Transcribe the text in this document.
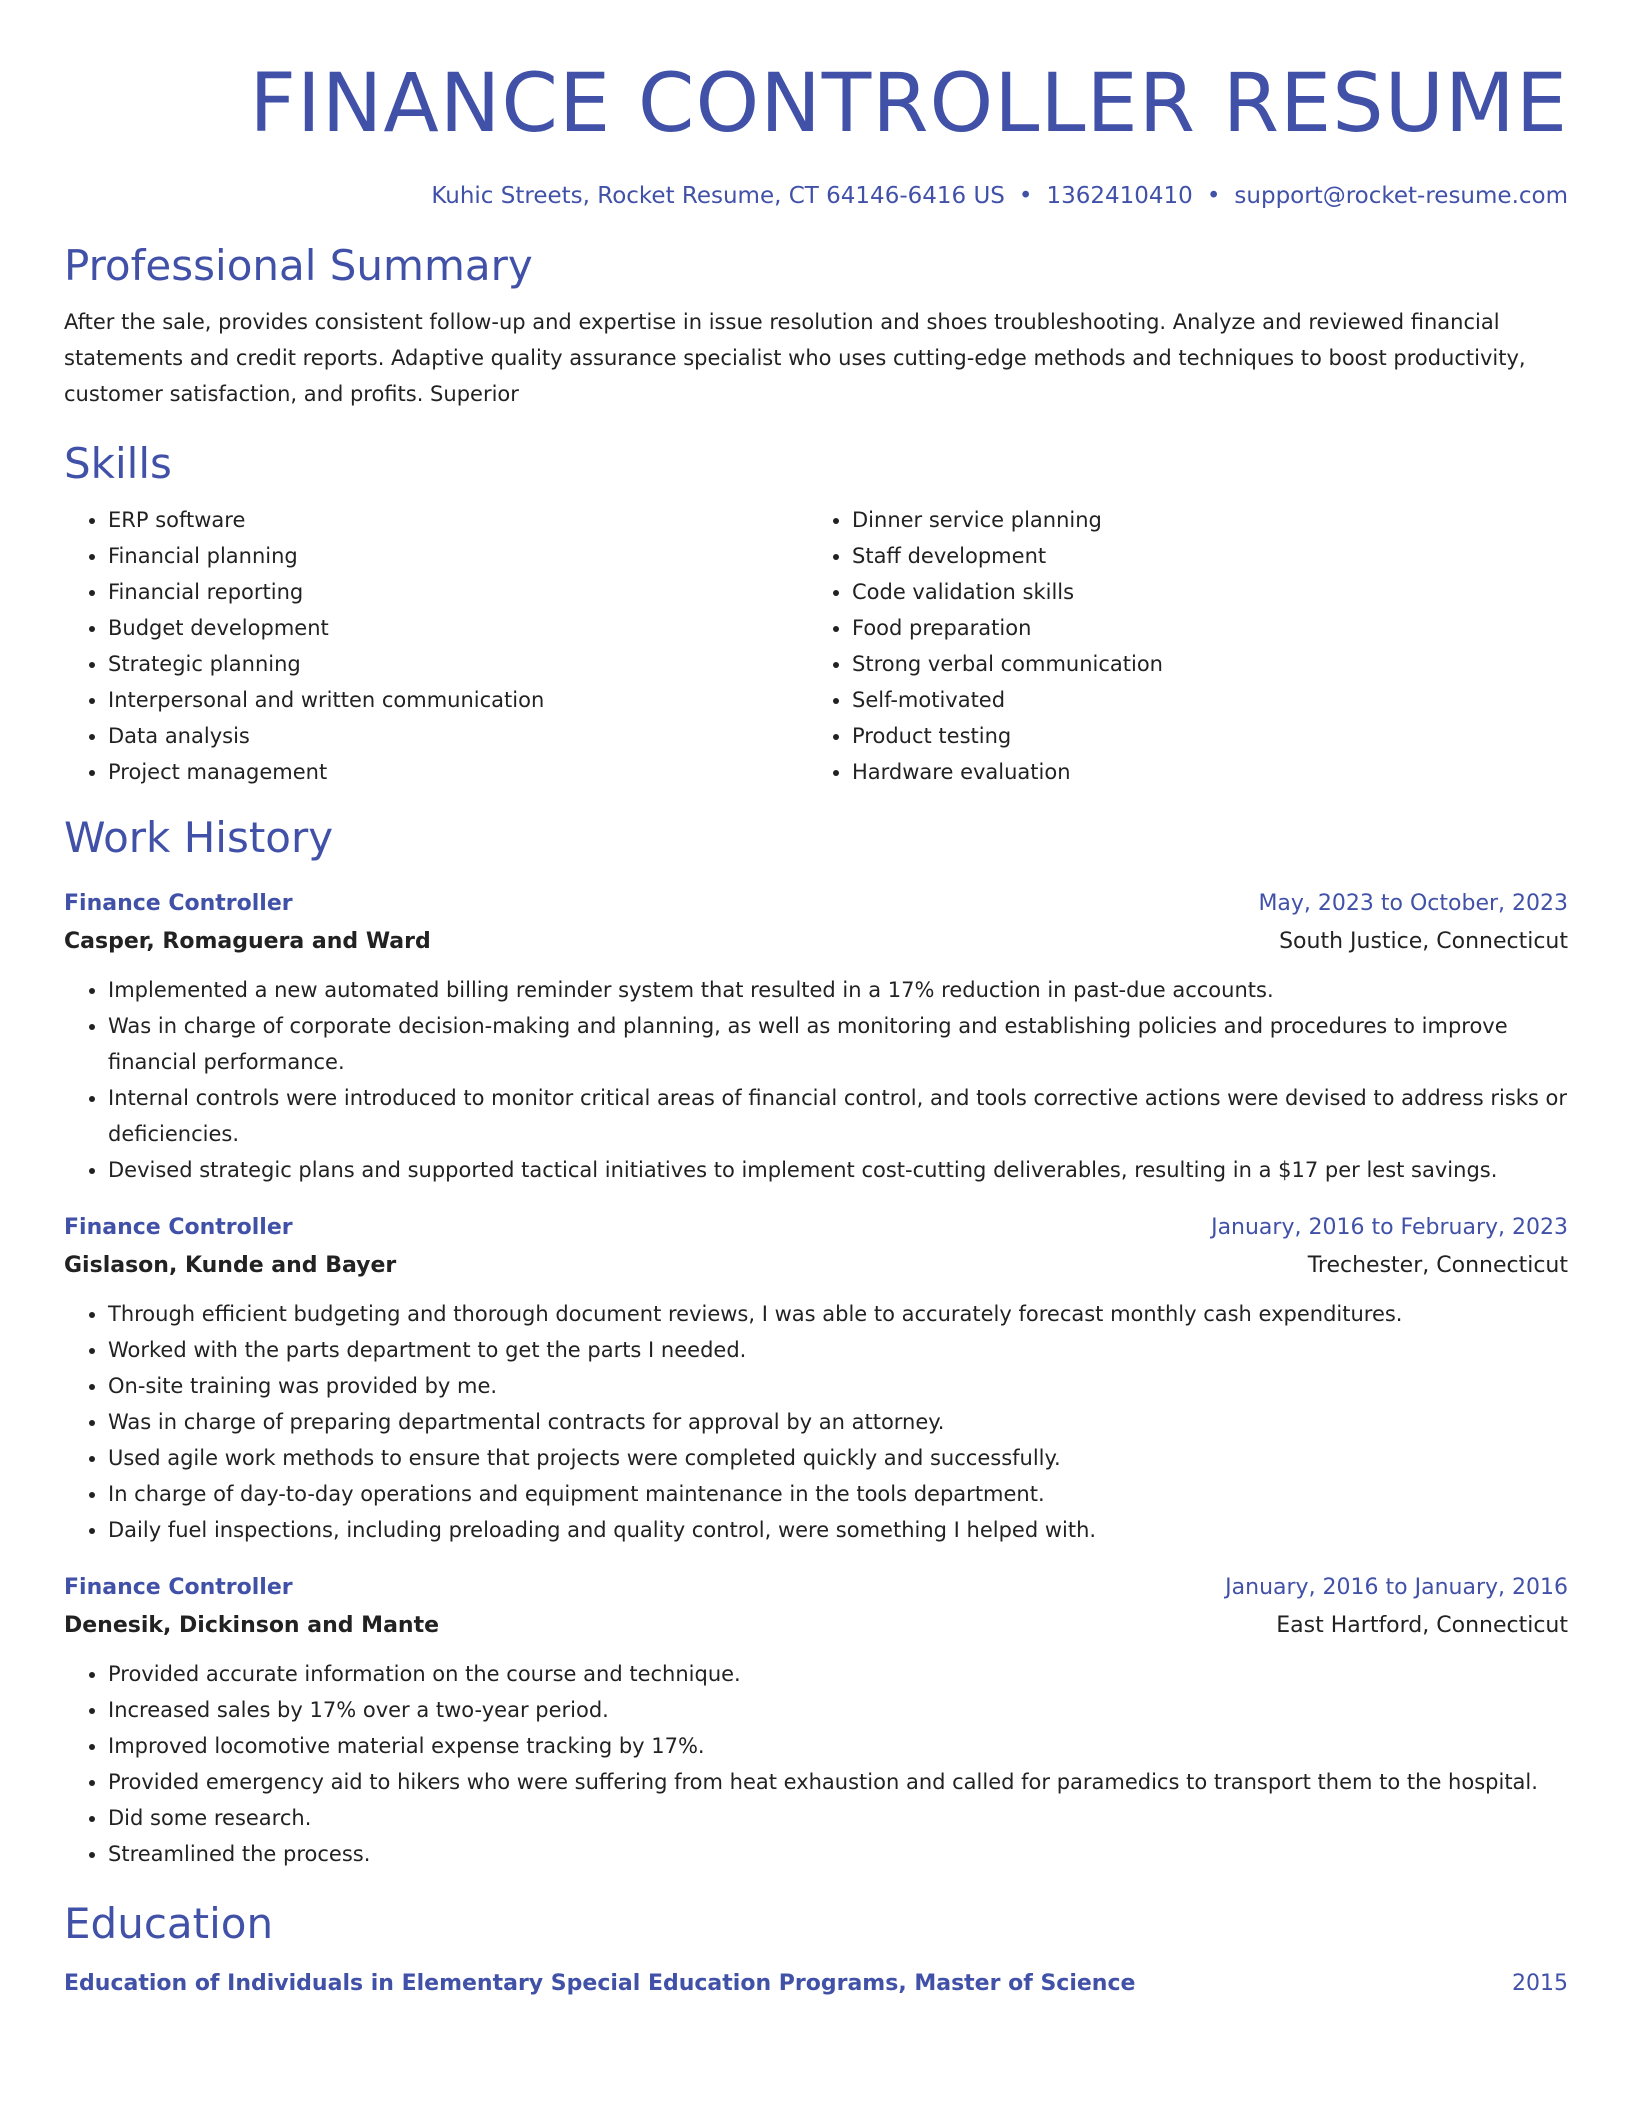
FINANCE CONTROLLER RESUME
Kuhic Streets, Rocket Resume, CT 64146-6416 US • 1362410410 • support@rocket-resume.com
Professional Summary
After the sale, provides consistent follow-up and expertise in issue resolution and shoes troubleshooting. Analyze and reviewed financial statements and credit reports. Adaptive quality assurance specialist who uses cutting-edge methods and techniques to boost productivity, customer satisfaction, and profits. Superior
Skills
• ERP software
• Financial planning
• Financial reporting
• Budget development
• Strategic planning
• Interpersonal and written communication
• Data analysis
• Project management
• Dinner service planning
• Staff development
• Code validation skills
• Food preparation
• Strong verbal communication
• Self-motivated
• Product testing
• Hardware evaluation
Work History
Finance Controller	May, 2023 to October, 2023
Casper, Romaguera and Ward	South Justice, Connecticut
• Implemented a new automated billing reminder system that resulted in a 17% reduction in past-due accounts.
• Was in charge of corporate decision-making and planning, as well as monitoring and establishing policies and procedures to improve financial performance.
• Internal controls were introduced to monitor critical areas of financial control, and tools corrective actions were devised to address risks or deficiencies.
• Devised strategic plans and supported tactical initiatives to implement cost-cutting deliverables, resulting in a $17 per lest savings.
Finance Controller	January, 2016 to February, 2023
Gislason, Kunde and Bayer	Trechester, Connecticut
• Through efficient budgeting and thorough document reviews, I was able to accurately forecast monthly cash expenditures.
• Worked with the parts department to get the parts I needed.
• On-site training was provided by me.
• Was in charge of preparing departmental contracts for approval by an attorney.
• Used agile work methods to ensure that projects were completed quickly and successfully.
• In charge of day-to-day operations and equipment maintenance in the tools department.
• Daily fuel inspections, including preloading and quality control, were something I helped with.
Finance Controller	January, 2016 to January, 2016
Denesik, Dickinson and Mante	East Hartford, Connecticut
• Provided accurate information on the course and technique.
• Increased sales by 17% over a two-year period.
• Improved locomotive material expense tracking by 17%.
• Provided emergency aid to hikers who were suffering from heat exhaustion and called for paramedics to transport them to the hospital.
• Did some research.
• Streamlined the process.
Education
Education of Individuals in Elementary Special Education Programs, Master of Science	2015
